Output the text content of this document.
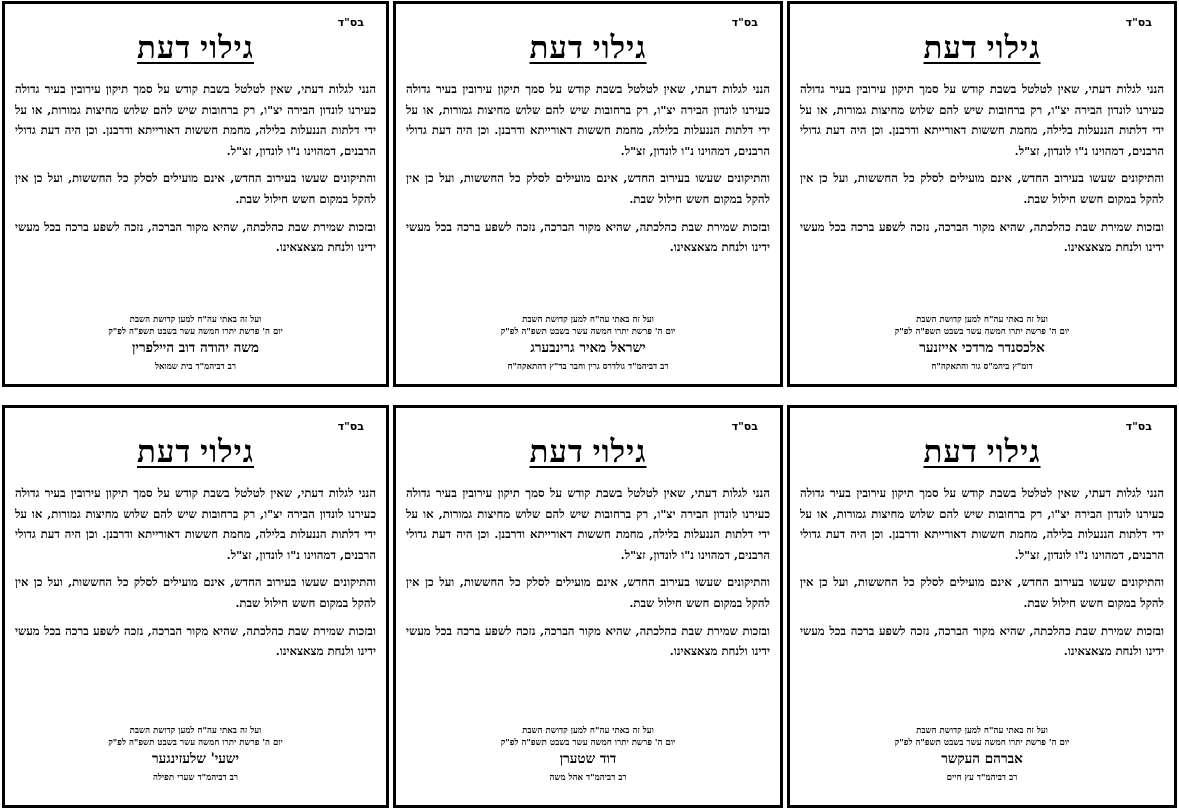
בס"ד
גילוי דעת

הנני לגלות דעתי, שאין לטלטל בשבת קודש על סמך תיקון עירובין בעיר גדולה כעירנו לונדון הבירה יצ"ו, רק ברחובות שיש להם שלוש מחיצות גמורות, או על ידי דלתות הננעלות בלילה, מחמת חששות דאורייתא ודרבנן. וכן היה דעת גדולי הרבנים, דמהוינו נ"ו לונדון, זצ"ל.

והתיקונים שעשו בעירוב החדש, אינם מועילים לסלק כל החששות, ועל כן אין להקל במקום חשש חילול שבת.

ובזכות שמירת שבת כהלכתה, שהיא מקור הברכה, נזכה לשפע ברכה בכל מעשי ידינו ולנחת מצאצאינו.

ועל זה באתי עה"ח למען קדושת השבת
יום ה' פרשת יתרו חמשה עשר בשבט תשפ"ה לפ"ק
אלכסנדר מרדכי אייזנער
דומ"ץ ביהמ"ס גור והתאקה"ח
בס"ד
גילוי דעת

הנני לגלות דעתי, שאין לטלטל בשבת קודש על סמך תיקון עירובין בעיר גדולה כעירנו לונדון הבירה יצ"ו, רק ברחובות שיש להם שלוש מחיצות גמורות, או על ידי דלתות הננעלות בלילה, מחמת חששות דאורייתא ודרבנן. וכן היה דעת גדולי הרבנים, דמהוינו נ"ו לונדון, זצ"ל.

והתיקונים שעשו בעירוב החדש, אינם מועילים לסלק כל החששות, ועל כן אין להקל במקום חשש חילול שבת.

ובזכות שמירת שבת כהלכתה, שהיא מקור הברכה, נזכה לשפע ברכה בכל מעשי ידינו ולנחת מצאצאינו.

ועל זה באתי עה"ח למען קדושת השבת
יום ה' פרשת יתרו חמשה עשר בשבט תשפ"ה לפ"ק
ישראל מאיר גרינבערג
רב דביהמ"ד גולדרס גרין וחבר בד"ץ דהתאקה"ח
בס"ד
גילוי דעת

הנני לגלות דעתי, שאין לטלטל בשבת קודש על סמך תיקון עירובין בעיר גדולה כעירנו לונדון הבירה יצ"ו, רק ברחובות שיש להם שלוש מחיצות גמורות, או על ידי דלתות הננעלות בלילה, מחמת חששות דאורייתא ודרבנן. וכן היה דעת גדולי הרבנים, דמהוינו נ"ו לונדון, זצ"ל.

והתיקונים שעשו בעירוב החדש, אינם מועילים לסלק כל החששות, ועל כן אין להקל במקום חשש חילול שבת.

ובזכות שמירת שבת כהלכתה, שהיא מקור הברכה, נזכה לשפע ברכה בכל מעשי ידינו ולנחת מצאצאינו.

ועל זה באתי עה"ח למען קדושת השבת
יום ה' פרשת יתרו חמשה עשר בשבט תשפ"ה לפ"ק
משה יהודה דוב היילפרין
רב דביהמ"ד בית שמואל
בס"ד
גילוי דעת

הנני לגלות דעתי, שאין לטלטל בשבת קודש על סמך תיקון עירובין בעיר גדולה כעירנו לונדון הבירה יצ"ו, רק ברחובות שיש להם שלוש מחיצות גמורות, או על ידי דלתות הננעלות בלילה, מחמת חששות דאורייתא ודרבנן. וכן היה דעת גדולי הרבנים, דמהוינו נ"ו לונדון, זצ"ל.

והתיקונים שעשו בעירוב החדש, אינם מועילים לסלק כל החששות, ועל כן אין להקל במקום חשש חילול שבת.

ובזכות שמירת שבת כהלכתה, שהיא מקור הברכה, נזכה לשפע ברכה בכל מעשי ידינו ולנחת מצאצאינו.

ועל זה באתי עה"ח למען קדושת השבת
יום ה' פרשת יתרו חמשה עשר בשבט תשפ"ה לפ"ק
אברהם העקשר
רב דביהמ"ד עץ חיים
בס"ד
גילוי דעת

הנני לגלות דעתי, שאין לטלטל בשבת קודש על סמך תיקון עירובין בעיר גדולה כעירנו לונדון הבירה יצ"ו, רק ברחובות שיש להם שלוש מחיצות גמורות, או על ידי דלתות הננעלות בלילה, מחמת חששות דאורייתא ודרבנן. וכן היה דעת גדולי הרבנים, דמהוינו נ"ו לונדון, זצ"ל.

והתיקונים שעשו בעירוב החדש, אינם מועילים לסלק כל החששות, ועל כן אין להקל במקום חשש חילול שבת.

ובזכות שמירת שבת כהלכתה, שהיא מקור הברכה, נזכה לשפע ברכה בכל מעשי ידינו ולנחת מצאצאינו.

ועל זה באתי עה"ח למען קדושת השבת
יום ה' פרשת יתרו חמשה עשר בשבט תשפ"ה לפ"ק
דוד שטערן
רב דביהמ"ד אהל משה
בס"ד
גילוי דעת

הנני לגלות דעתי, שאין לטלטל בשבת קודש על סמך תיקון עירובין בעיר גדולה כעירנו לונדון הבירה יצ"ו, רק ברחובות שיש להם שלוש מחיצות גמורות, או על ידי דלתות הננעלות בלילה, מחמת חששות דאורייתא ודרבנן. וכן היה דעת גדולי הרבנים, דמהוינו נ"ו לונדון, זצ"ל.

והתיקונים שעשו בעירוב החדש, אינם מועילים לסלק כל החששות, ועל כן אין להקל במקום חשש חילול שבת.

ובזכות שמירת שבת כהלכתה, שהיא מקור הברכה, נזכה לשפע ברכה בכל מעשי ידינו ולנחת מצאצאינו.

ועל זה באתי עה"ח למען קדושת השבת
יום ה' פרשת יתרו חמשה עשר בשבט תשפ"ה לפ"ק
ישעי' שלעזינגער
רב דביהמ"ד שערי תפילה
